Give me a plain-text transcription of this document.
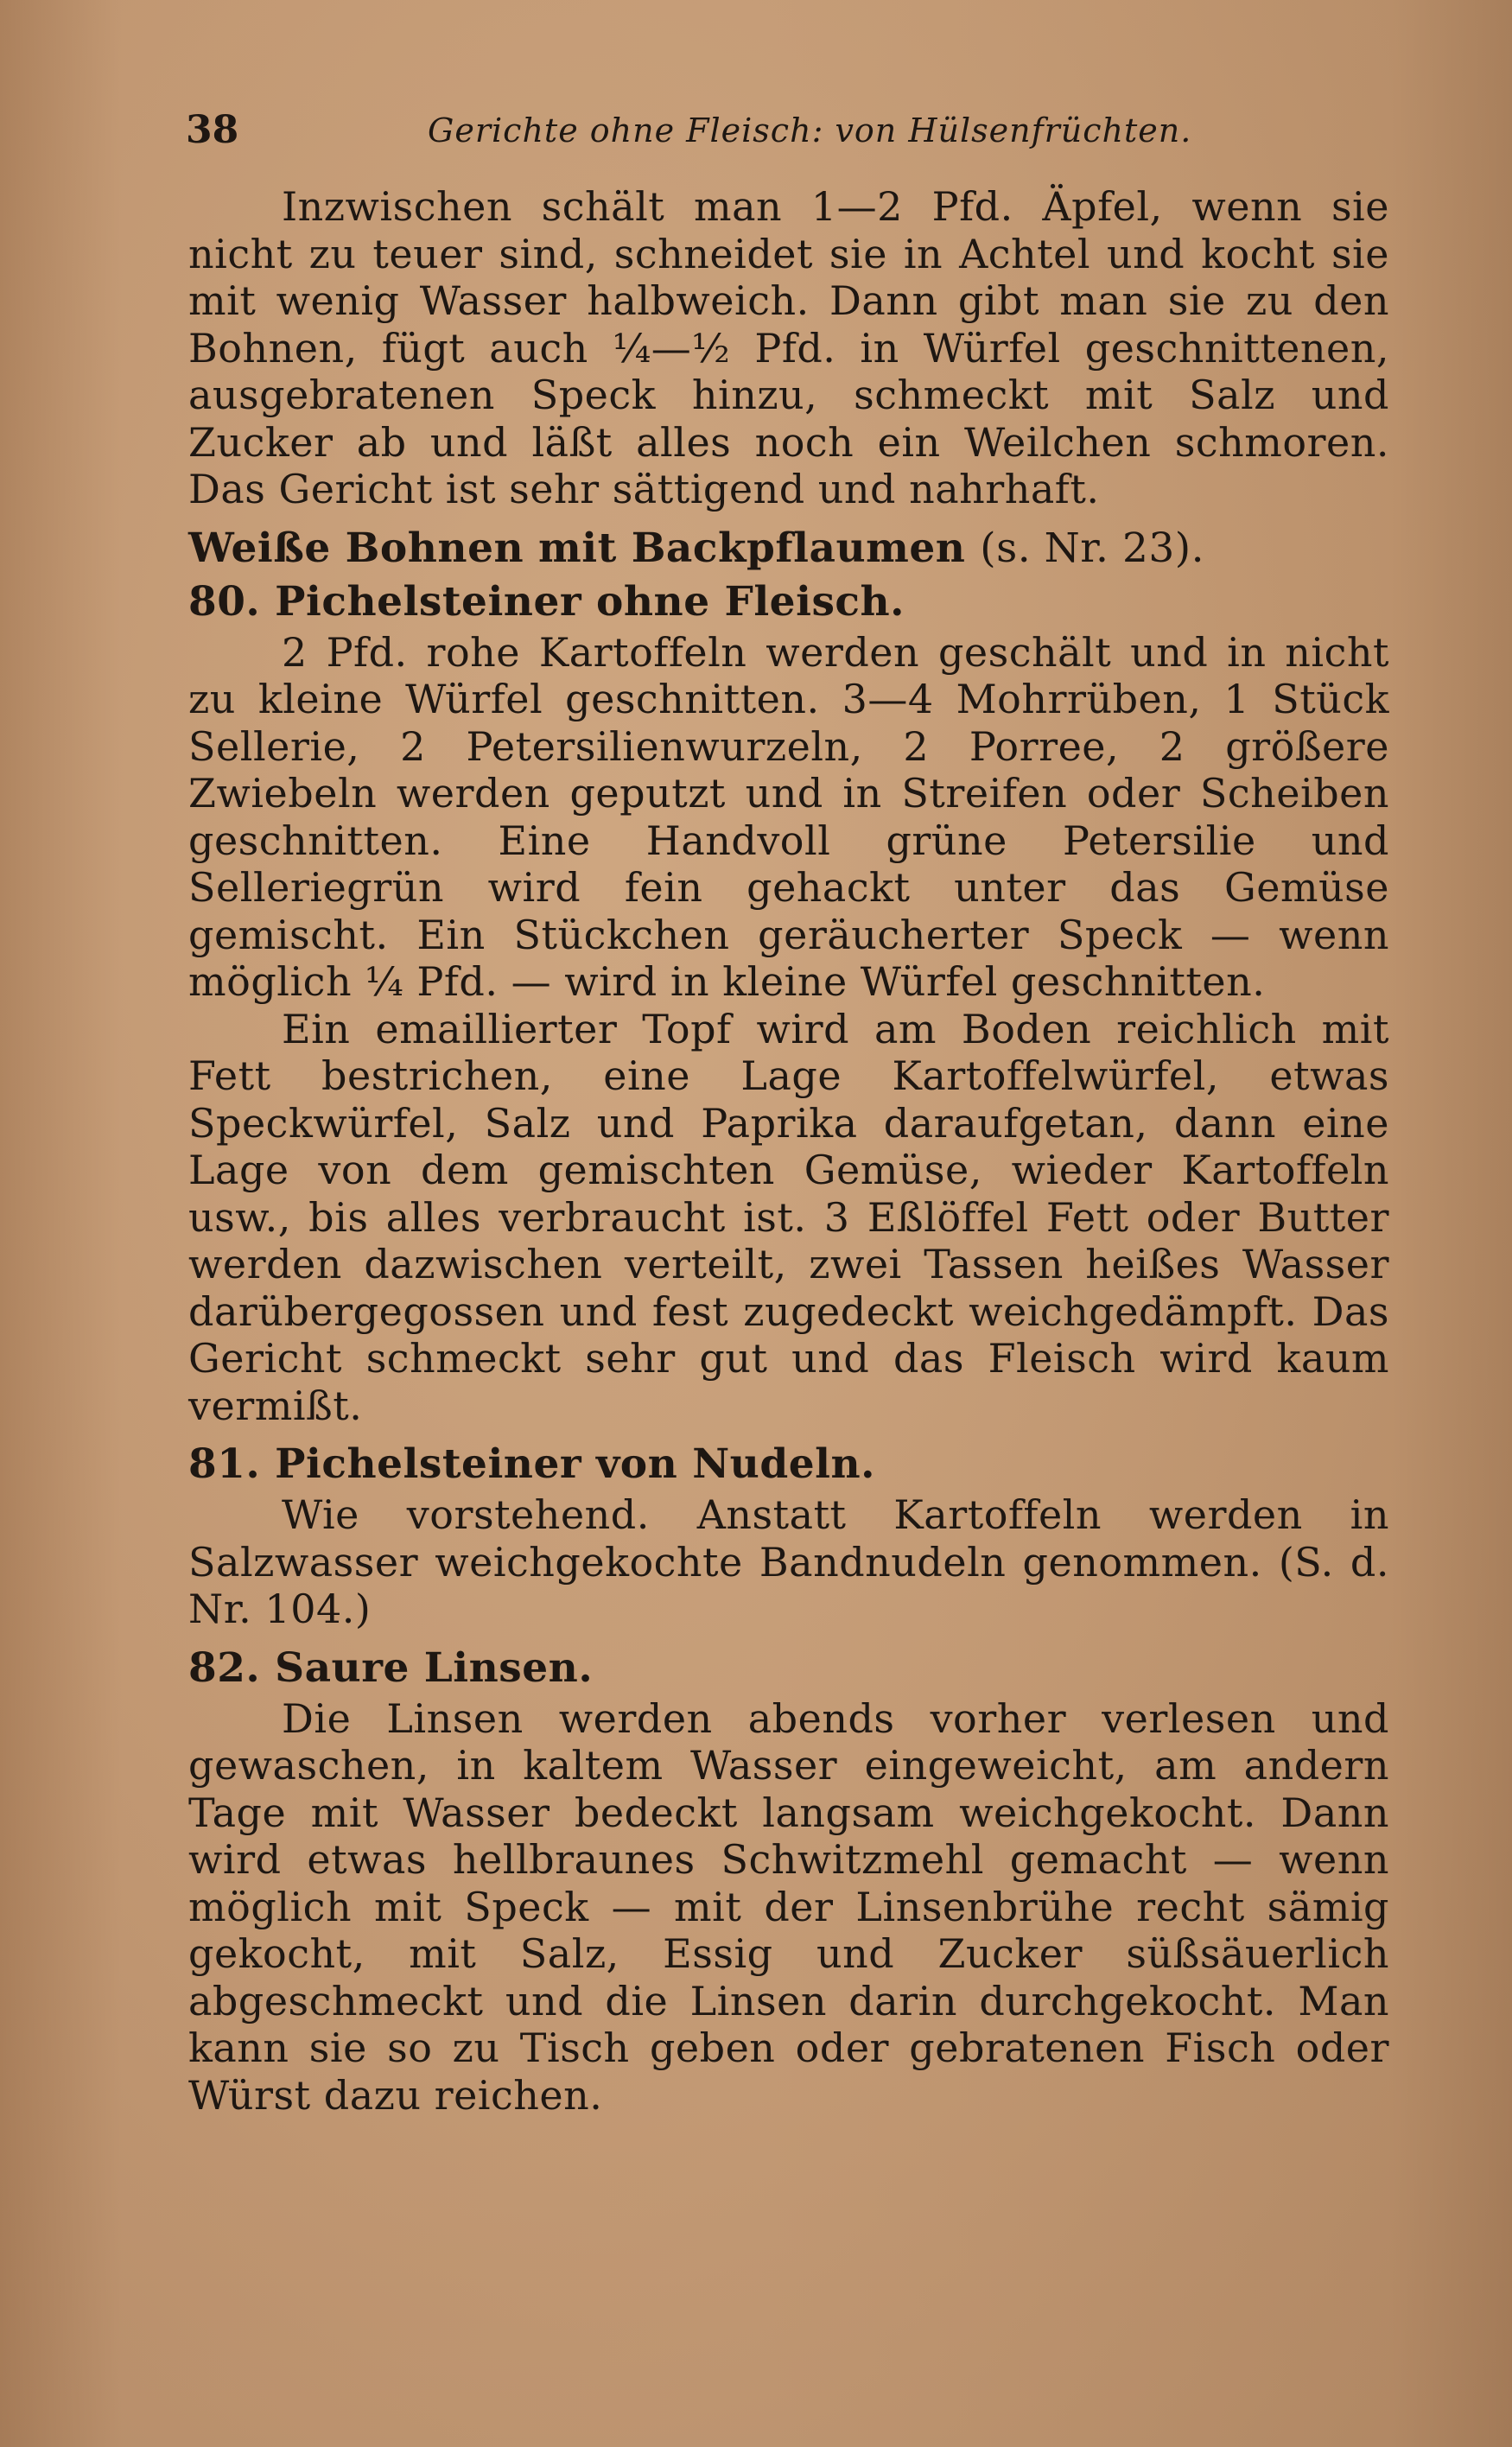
38	Gerichte ohne Fleisch: von Hülsenfrüchten.

Inzwischen schält man 1—2 Pfd. Äpfel, wenn sie nicht zu teuer sind, schneidet sie in Achtel und kocht sie mit wenig Wasser halbweich. Dann gibt man sie zu den Bohnen, fügt auch ¼—½ Pfd. in Würfel geschnittenen, ausgebratenen Speck hinzu, schmeckt mit Salz und Zucker ab und läßt alles noch ein Weilchen schmoren. Das Gericht ist sehr sättigend und nahrhaft.

Weiße Bohnen mit Backpflaumen (s. Nr. 23).
80. Pichelsteiner ohne Fleisch.

2 Pfd. rohe Kartoffeln werden geschält und in nicht zu kleine Würfel geschnitten. 3—4 Mohrrüben, 1 Stück Sellerie, 2 Petersilienwurzeln, 2 Porree, 2 größere Zwiebeln werden geputzt und in Streifen oder Scheiben geschnitten. Eine Handvoll grüne Petersilie und Selleriegrün wird fein gehackt unter das Gemüse gemischt. Ein Stückchen geräucherter Speck — wenn möglich ¼ Pfd. — wird in kleine Würfel geschnitten.

Ein emaillierter Topf wird am Boden reichlich mit Fett bestrichen, eine Lage Kartoffelwürfel, etwas Speckwürfel, Salz und Paprika daraufgetan, dann eine Lage von dem gemischten Gemüse, wieder Kartoffeln usw., bis alles verbraucht ist. 3 Eßlöffel Fett oder Butter werden dazwischen verteilt, zwei Tassen heißes Wasser darübergegossen und fest zugedeckt weichgedämpft. Das Gericht schmeckt sehr gut und das Fleisch wird kaum vermißt.

81. Pichelsteiner von Nudeln.

Wie vorstehend. Anstatt Kartoffeln werden in Salzwasser weichgekochte Bandnudeln genommen. (S. d. Nr. 104.)

82. Saure Linsen.

Die Linsen werden abends vorher verlesen und gewaschen, in kaltem Wasser eingeweicht, am andern Tage mit Wasser bedeckt langsam weichgekocht. Dann wird etwas hellbraunes Schwitzmehl gemacht — wenn möglich mit Speck — mit der Linsenbrühe recht sämig gekocht, mit Salz, Essig und Zucker süßsäuerlich abgeschmeckt und die Linsen darin durchgekocht. Man kann sie so zu Tisch geben oder gebratenen Fisch oder Würst dazu reichen.
